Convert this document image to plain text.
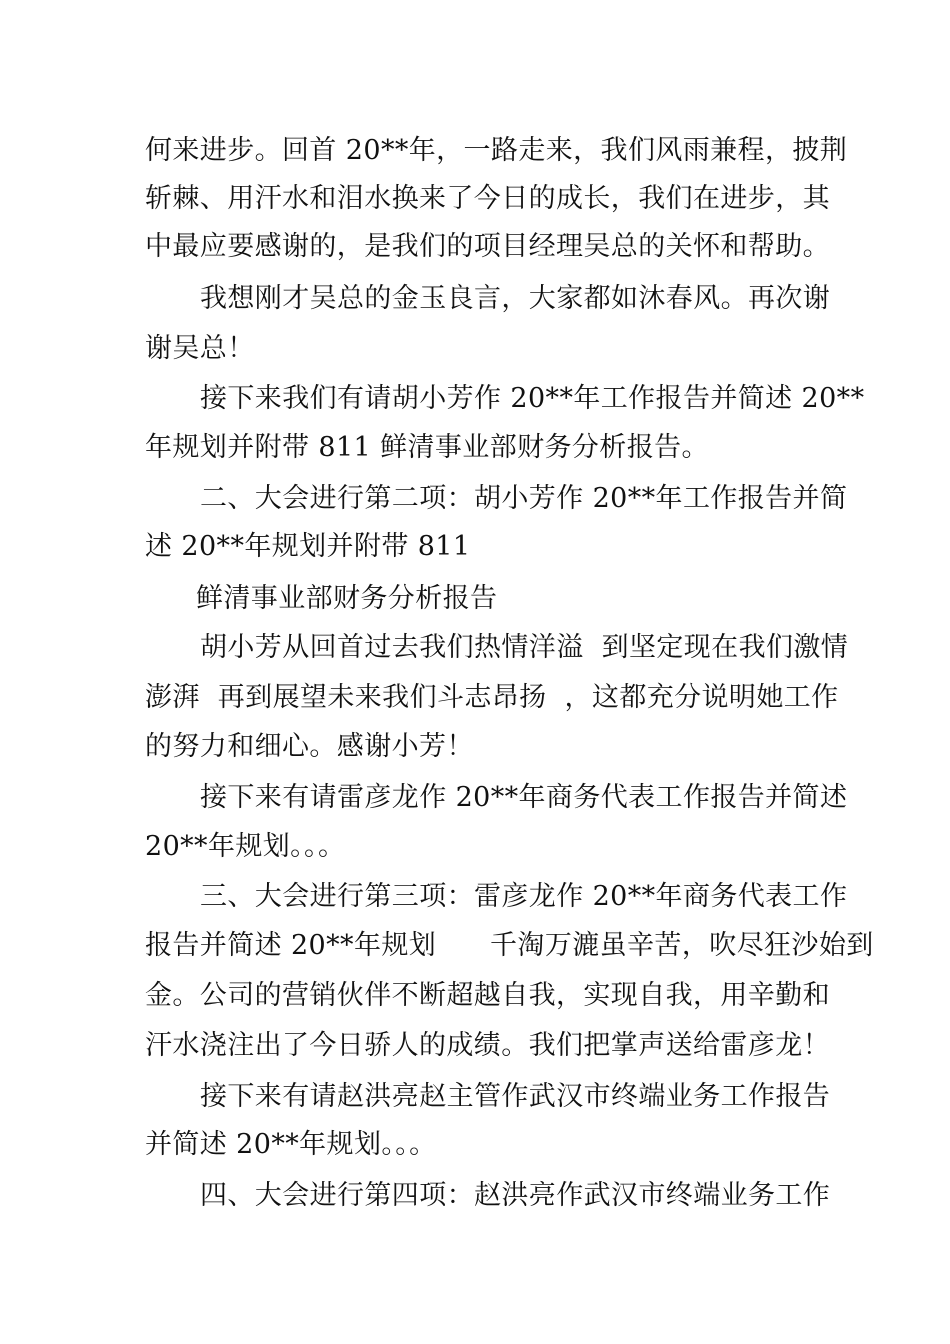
何来进步。回首 20**年，一路走来，我们风雨兼程，披荆
斩棘、用汗水和泪水换来了今日的成长，我们在进步，其
中最应要感谢的，是我们的项目经理吴总的关怀和帮助。
我想刚才吴总的金玉良言，大家都如沐春风。再次谢
谢吴总！
接下来我们有请胡小芳作 20**年工作报告并简述 20**
年规划并附带 811 鲜清事业部财务分析报告。
二、大会进行第二项：胡小芳作 20**年工作报告并简
述 20**年规划并附带 811
鲜清事业部财务分析报告
胡小芳从回首过去我们热情洋溢  到坚定现在我们激情
澎湃  再到展望未来我们斗志昂扬  ，这都充分说明她工作
的努力和细心。感谢小芳！
接下来有请雷彦龙作 20**年商务代表工作报告并简述
20**年规划。。。
三、大会进行第三项：雷彦龙作 20**年商务代表工作
报告并简述 20**年规划      千淘万漉虽辛苦，吹尽狂沙始到
金。公司的营销伙伴不断超越自我，实现自我，用辛勤和
汗水浇注出了今日骄人的成绩。我们把掌声送给雷彦龙！
接下来有请赵洪亮赵主管作武汉市终端业务工作报告
并简述 20**年规划。。。
四、大会进行第四项：赵洪亮作武汉市终端业务工作
